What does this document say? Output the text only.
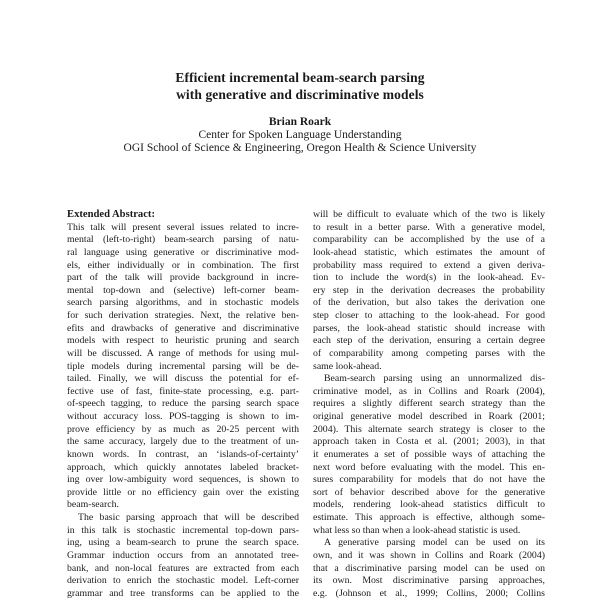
Efficient incremental beam-search parsing
with generative and discriminative models
Brian Roark
Center for Spoken Language Understanding
OGI School of Science & Engineering, Oregon Health & Science University
Extended Abstract:
This talk will present several issues related to incre-
mental (left-to-right) beam-search parsing of natu-
ral language using generative or discriminative mod-
els, either individually or in combination. The first
part of the talk will provide background in incre-
mental top-down and (selective) left-corner beam-
search parsing algorithms, and in stochastic models
for such derivation strategies. Next, the relative ben-
efits and drawbacks of generative and discriminative
models with respect to heuristic pruning and search
will be discussed. A range of methods for using mul-
tiple models during incremental parsing will be de-
tailed. Finally, we will discuss the potential for ef-
fective use of fast, finite-state processing, e.g. part-
of-speech tagging, to reduce the parsing search space
without accuracy loss. POS-tagging is shown to im-
prove efficiency by as much as 20-25 percent with
the same accuracy, largely due to the treatment of un-
known words. In contrast, an ‘islands-of-certainty’
approach, which quickly annotates labeled bracket-
ing over low-ambiguity word sequences, is shown to
provide little or no efficiency gain over the existing
beam-search.
The basic parsing approach that will be described
in this talk is stochastic incremental top-down pars-
ing, using a beam-search to prune the search space.
Grammar induction occurs from an annotated tree-
bank, and non-local features are extracted from each
derivation to enrich the stochastic model. Left-corner
grammar and tree transforms can be applied to the
will be difficult to evaluate which of the two is likely
to result in a better parse. With a generative model,
comparability can be accomplished by the use of a
look-ahead statistic, which estimates the amount of
probability mass required to extend a given deriva-
tion to include the word(s) in the look-ahead. Ev-
ery step in the derivation decreases the probability
of the derivation, but also takes the derivation one
step closer to attaching to the look-ahead. For good
parses, the look-ahead statistic should increase with
each step of the derivation, ensuring a certain degree
of comparability among competing parses with the
same look-ahead.
Beam-search parsing using an unnormalized dis-
criminative model, as in Collins and Roark (2004),
requires a slightly different search strategy than the
original generative model described in Roark (2001;
2004). This alternate search strategy is closer to the
approach taken in Costa et al. (2001; 2003), in that
it enumerates a set of possible ways of attaching the
next word before evaluating with the model. This en-
sures comparability for models that do not have the
sort of behavior described above for the generative
models, rendering look-ahead statistics difficult to
estimate. This approach is effective, although some-
what less so than when a look-ahead statistic is used.
A generative parsing model can be used on its
own, and it was shown in Collins and Roark (2004)
that a discriminative parsing model can be used on
its own. Most discriminative parsing approaches,
e.g. (Johnson et al., 1999; Collins, 2000; Collins
